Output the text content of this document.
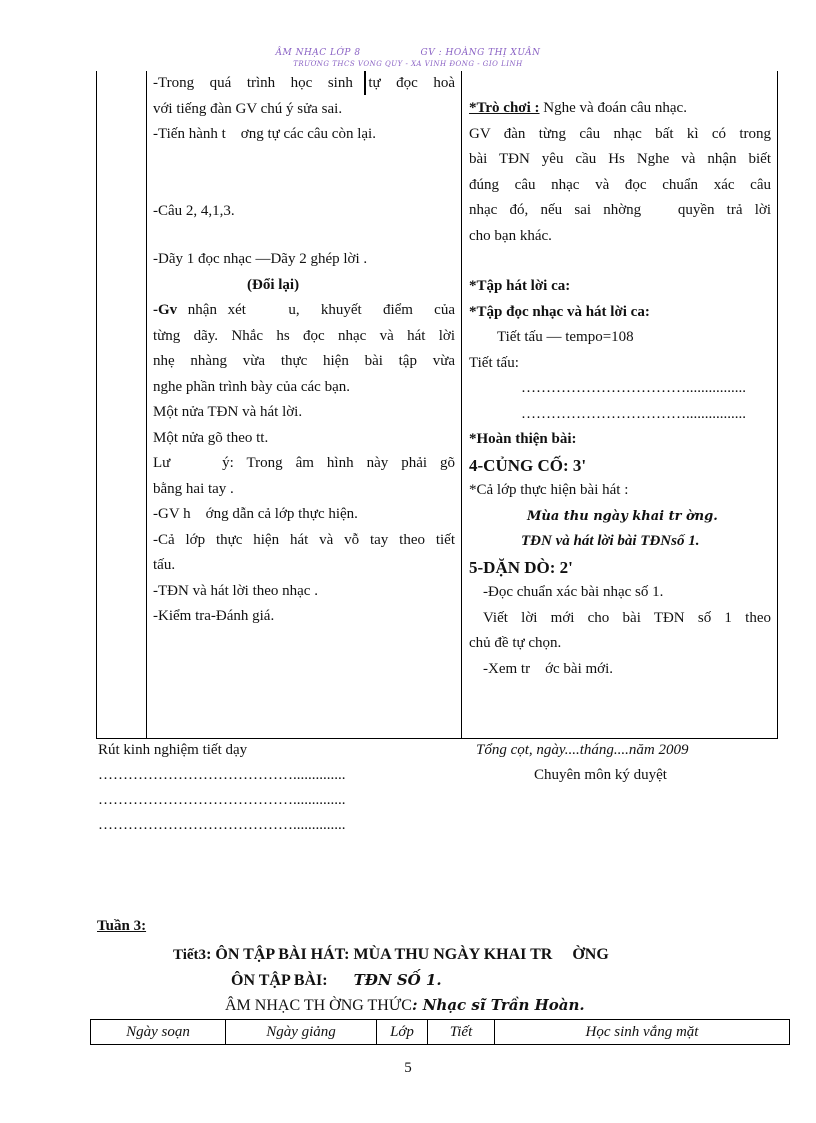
ÂM NHẠC LỚP 8	GV : HOÀNG THỊ XUÂN
TRƯỜNG THCS VÕNG QUÝ - XÃ VĨNH ĐỒNG - GIO LINH

-Trong quá trình học sinh tự đọc hoà

với tiếng đàn GV chú ý sửa sai.

-Tiến hành t    ơng tự các câu còn lại.

-Câu 2, 4,1,3.

-Dãy 1 đọc nhạc —Dãy 2 ghép lời .

(Đổi lại)

-Gv nhận xét    u,  khuyết  điểm  của

từng dãy. Nhắc hs đọc nhạc và hát lời

nhẹ nhàng vừa thực hiện bài tập vừa

nghe phần trình bày của các bạn.

Một nửa TĐN và hát lời.

Một nửa gõ theo tt.

Lư    ý: Trong âm hình này phải gõ

bằng hai tay .

-GV h    ớng dẫn cả lớp thực hiện.

-Cả lớp thực hiện hát và vỗ tay theo tiết

tấu.

-TĐN và hát lời theo nhạc .

-Kiểm tra-Đánh giá.

*Trò chơi : Nghe và đoán câu nhạc.

GV đàn từng câu nhạc bất kì có trong

bài TĐN yêu cầu Hs Nghe và nhận biết

đúng câu nhạc và đọc chuẩn xác câu

nhạc đó, nếu sai nhờng   quyền trả lời

cho bạn khác.

*Tập hát lời ca:

*Tập đọc nhạc và hát lời ca:

Tiết tấu — tempo=108

Tiết tấu:

……………………………................

……………………………................

*Hoàn thiện bài:

4-CỦNG CỐ: 3'

*Cả lớp thực hiện bài hát :

Mùa thu ngày khai tr ờng.

TĐN và hát lời bài TĐNsố 1.

5-DẶN DÒ: 2'

-Đọc chuẩn xác bài nhạc số 1.

Viết lời mới cho bài TĐN số 1 theo

chủ đề tự chọn.

-Xem tr    ớc bài mới.

Rút kinh nghiệm tiết dạy
…………………………………..............
…………………………………..............
…………………………………..............
Tổng cọt, ngày....tháng....năm 2009
Chuyên môn ký duyệt
Tuần 3:
Tiết3: ÔN TẬP BÀI HÁT: MÙA THU NGÀY KHAI TR     ỜNG
ÔN TẬP BÀI: TĐN SỐ 1.
ÂM NHẠC TH ỜNG THỨC: Nhạc sĩ Trần Hoàn.
Ngày soạn	Ngày giảng	Lớp	Tiết	Học sinh vắng mặt
5
